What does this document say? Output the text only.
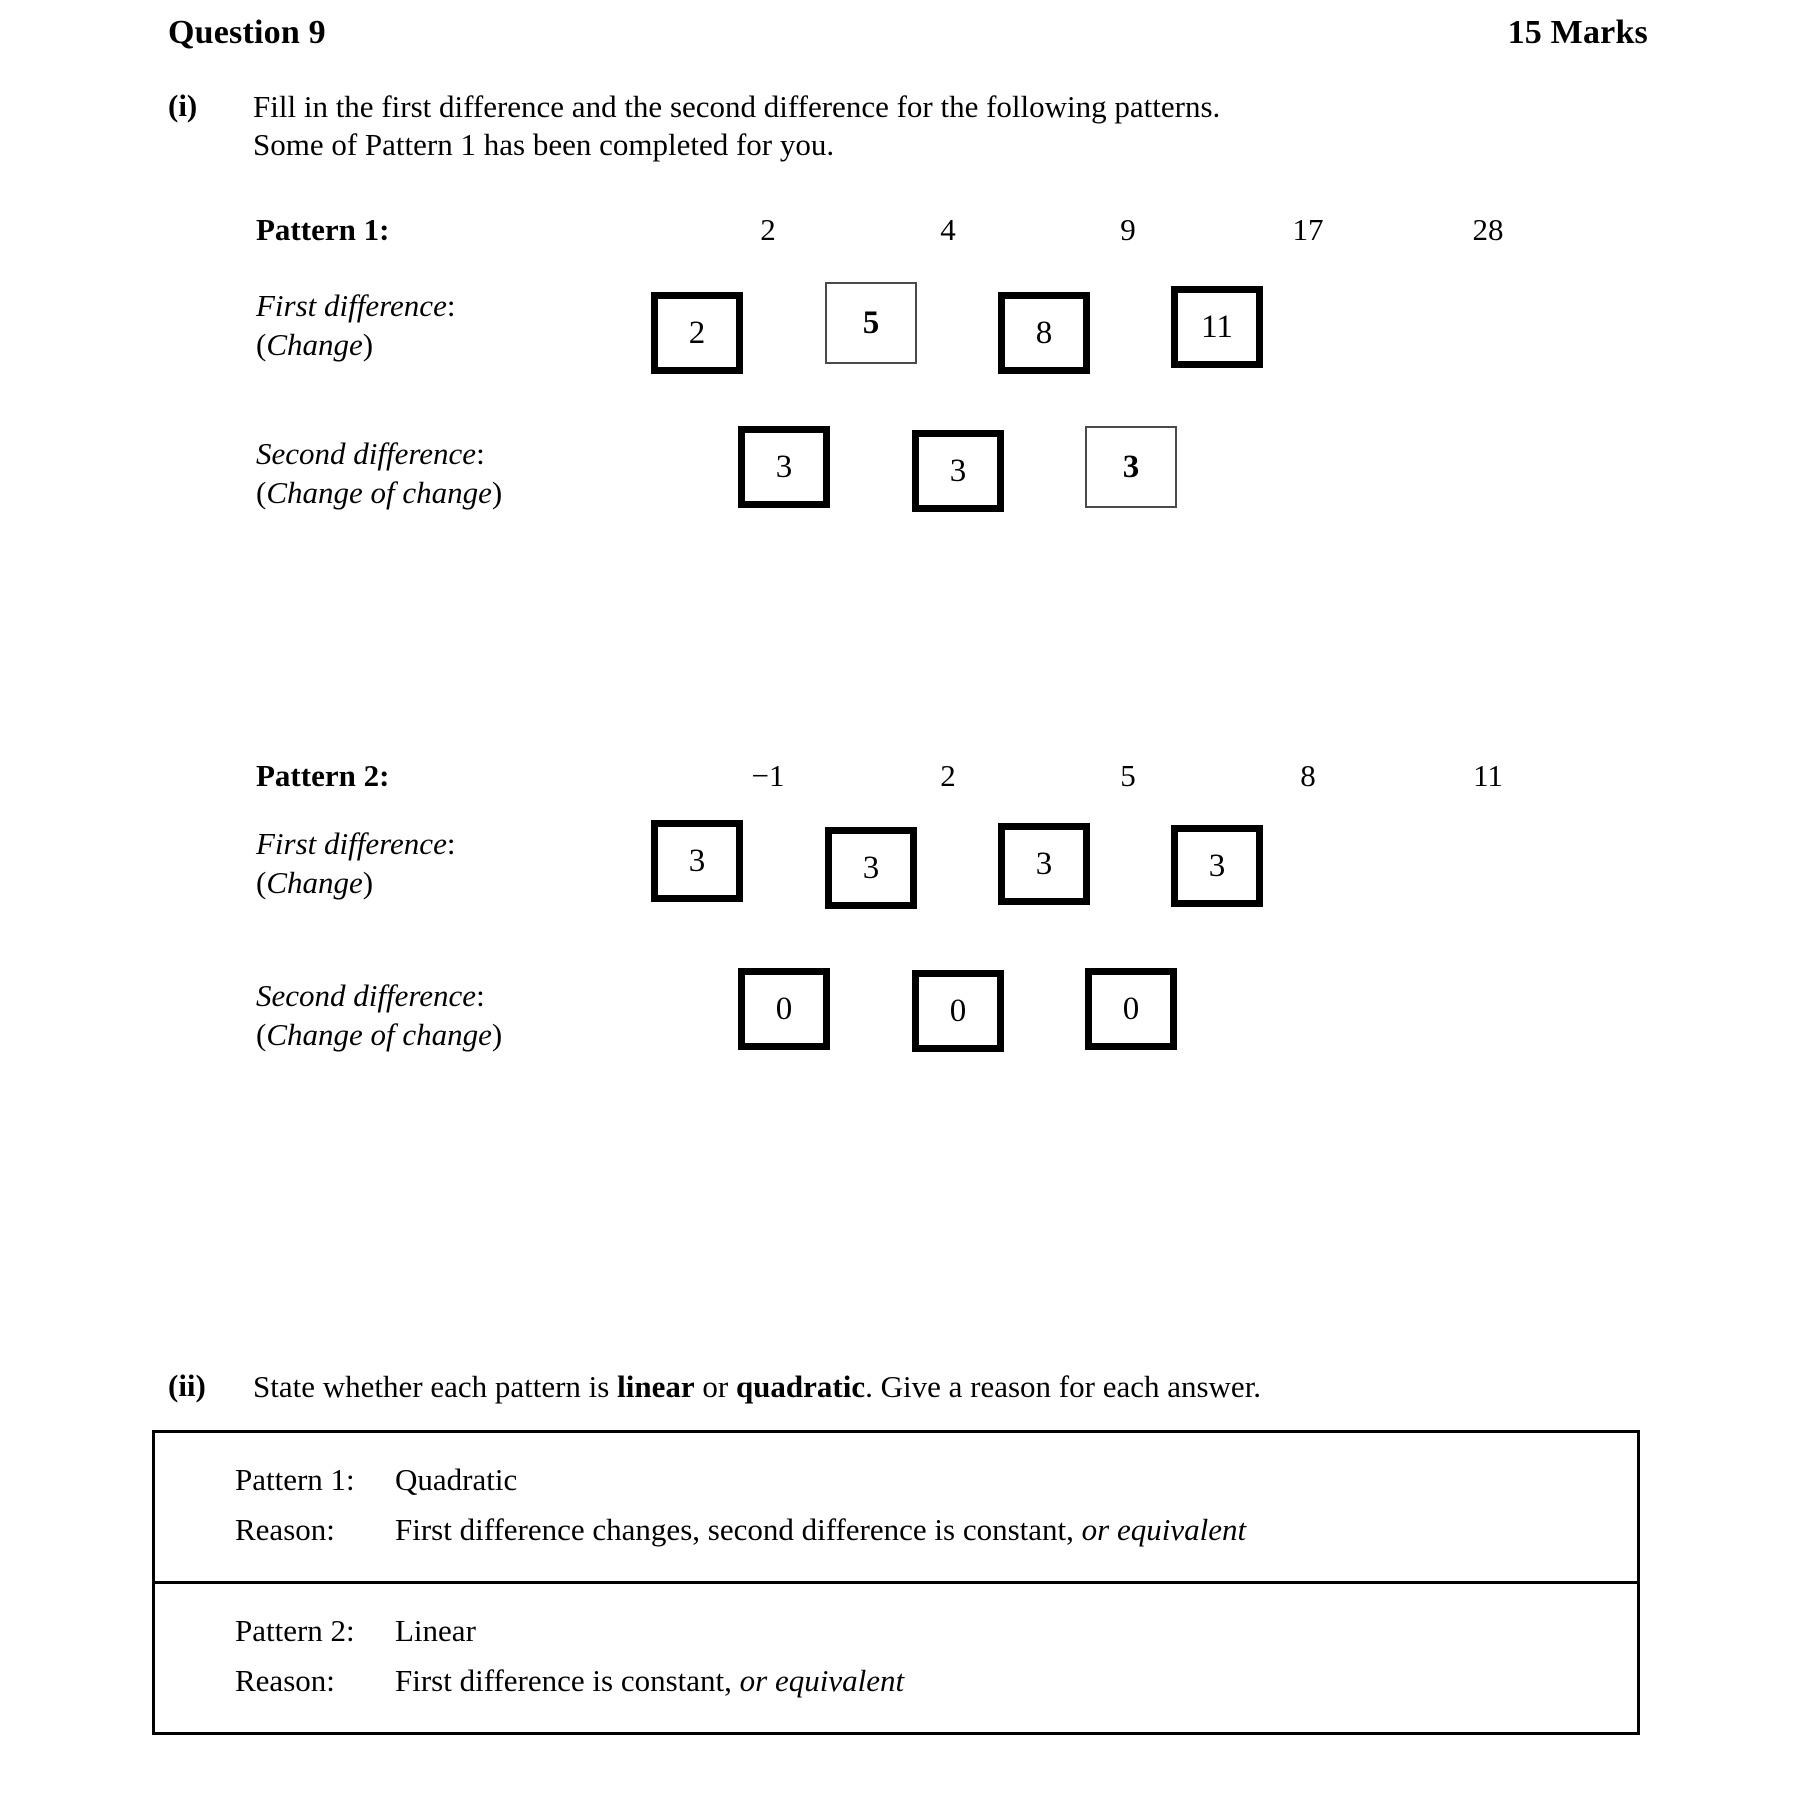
Question 9	15 Marks
(i)	Fill in the first difference and the second difference for the following patterns.
Some of Pattern 1 has been completed for you.
Pattern 1:	2	4	9	17	28
First difference:
(Change)	2	5	8	11
Second difference:
(Change of change)
3	3	3
Pattern 2:	−1	2	5	8	11
First difference:
(Change)
3	3	3	3
Second difference:
(Change of change)
0	0	0
(ii)	State whether each pattern is linear or quadratic. Give a reason for each answer.
Pattern 1:	Quadratic
Reason:	First difference changes, second difference is constant, or equivalent
Pattern 2:	Linear
Reason:	First difference is constant, or equivalent
